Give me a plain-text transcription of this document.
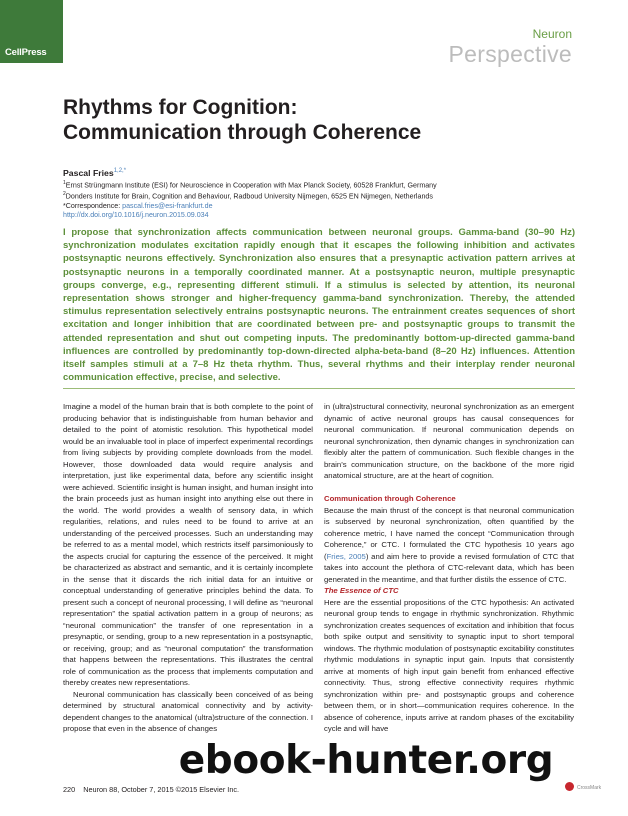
CellPress
Neuron
Perspective
Rhythms for Cognition:
Communication through Coherence
Pascal Fries$^{1,2,*}$
$^1$Ernst Strüngmann Institute (ESI) for Neuroscience in Cooperation with Max Planck Society, 60528 Frankfurt, Germany
$^2$Donders Institute for Brain, Cognition and Behaviour, Radboud University Nijmegen, 6525 EN Nijmegen, Netherlands
*Correspondence: pascal.fries@esi-frankfurt.de
http://dx.doi.org/10.1016/j.neuron.2015.09.034
I propose that synchronization affects communication between neuronal groups. Gamma-band (30–90 Hz) synchronization modulates excitation rapidly enough that it escapes the following inhibition and activates postsynaptic neurons effectively. Synchronization also ensures that a presynaptic activation pattern arrives at postsynaptic neurons in a temporally coordinated manner. At a postsynaptic neuron, multiple presynaptic groups converge, e.g., representing different stimuli. If a stimulus is selected by attention, its neuronal representation shows stronger and higher-frequency gamma-band synchronization. Thereby, the attended stimulus representation selectively entrains postsynaptic neurons. The entrainment creates sequences of short excitation and longer inhibition that are coordinated between pre- and postsynaptic groups to transmit the attended representation and shut out competing inputs. The predominantly bottom-up-directed gamma-band influences are controlled by predominantly top-down-directed alpha-beta-band (8–20 Hz) influences. Attention itself samples stimuli at a 7–8 Hz theta rhythm. Thus, several rhythms and their interplay render neuronal communication effective, precise, and selective.

Imagine a model of the human brain that is both complete to the point of producing behavior that is indistinguishable from human behavior and detailed to the point of atomistic resolution. This hypothetical model would be an invaluable tool in place of imperfect experimental recordings from living subjects by providing complete downloads from the model. However, those downloaded data would require analysis and interpretation, just like experimental data, before any scientific insight were achieved. Scientific insight is human insight, and human insight into the brain proceeds just as human insight into anything else out there in the world. The world provides a wealth of sensory data, in which regularities, relations, and rules need to be found to arrive at an understanding of the perceived processes. Such an understanding may be referred to as a mental model, which restricts itself parsimoniously to the aspects crucial for capturing the essence of the perceived. It might be characterized as abstract and semantic, and it is certainly incomplete in the sense that it discards the rich initial data for an intuitive or conceptual understanding of generative principles behind the data. To present such a concept of neuronal processing, I will define as “neuronal representation” the spatial activation pattern in a group of neurons; as “neuronal communication” the transfer of one representation in a presynaptic, or sending, group to a new representation in a postsynaptic, or receiving, group; and as “neuronal computation” the transformation that happens between the representations. This illustrates the central role of communication as the process that implements computation and thereby creates new representations.

Neuronal communication has classically been conceived of as being determined by structural anatomical connectivity and by activity-dependent changes to the anatomical (ultra)structure of the connection. I propose that even in the absence of changes

in (ultra)structural connectivity, neuronal synchronization as an emergent dynamic of active neuronal groups has causal consequences for neuronal communication. If neuronal communication depends on neuronal synchronization, then dynamic changes in synchronization can flexibly alter the pattern of communication. Such flexible changes in the brain’s communication structure, on the backbone of the more rigid anatomical structure, are at the heart of cognition.

Communication through Coherence

Because the main thrust of the concept is that neuronal communication is subserved by neuronal synchronization, often quantified by the coherence metric, I have named the concept “Communication through Coherence,” or CTC. I formulated the CTC hypothesis 10 years ago (Fries, 2005) and aim here to provide a revised formulation of CTC that takes into account the plethora of CTC-relevant data, which has been generated in the meantime, and that further distils the essence of CTC.

The Essence of CTC

Here are the essential propositions of the CTC hypothesis: An activated neuronal group tends to engage in rhythmic synchronization. Rhythmic synchronization creates sequences of excitation and inhibition that focus both spike output and sensitivity to synaptic input to short temporal windows. The rhythmic modulation of postsynaptic excitability constitutes rhythmic modulations in synaptic input gain. Inputs that consistently arrive at moments of high input gain benefit from enhanced effective connectivity. Thus, strong effective connectivity requires rhythmic synchronization within pre- and postsynaptic groups and coherence between them, or in short—communication requires coherence. In the absence of coherence, inputs arrive at random phases of the excitability cycle and will have

220 Neuron 88, October 7, 2015 ©2015 Elsevier Inc.	CrossMark
ebook-hunter.org
